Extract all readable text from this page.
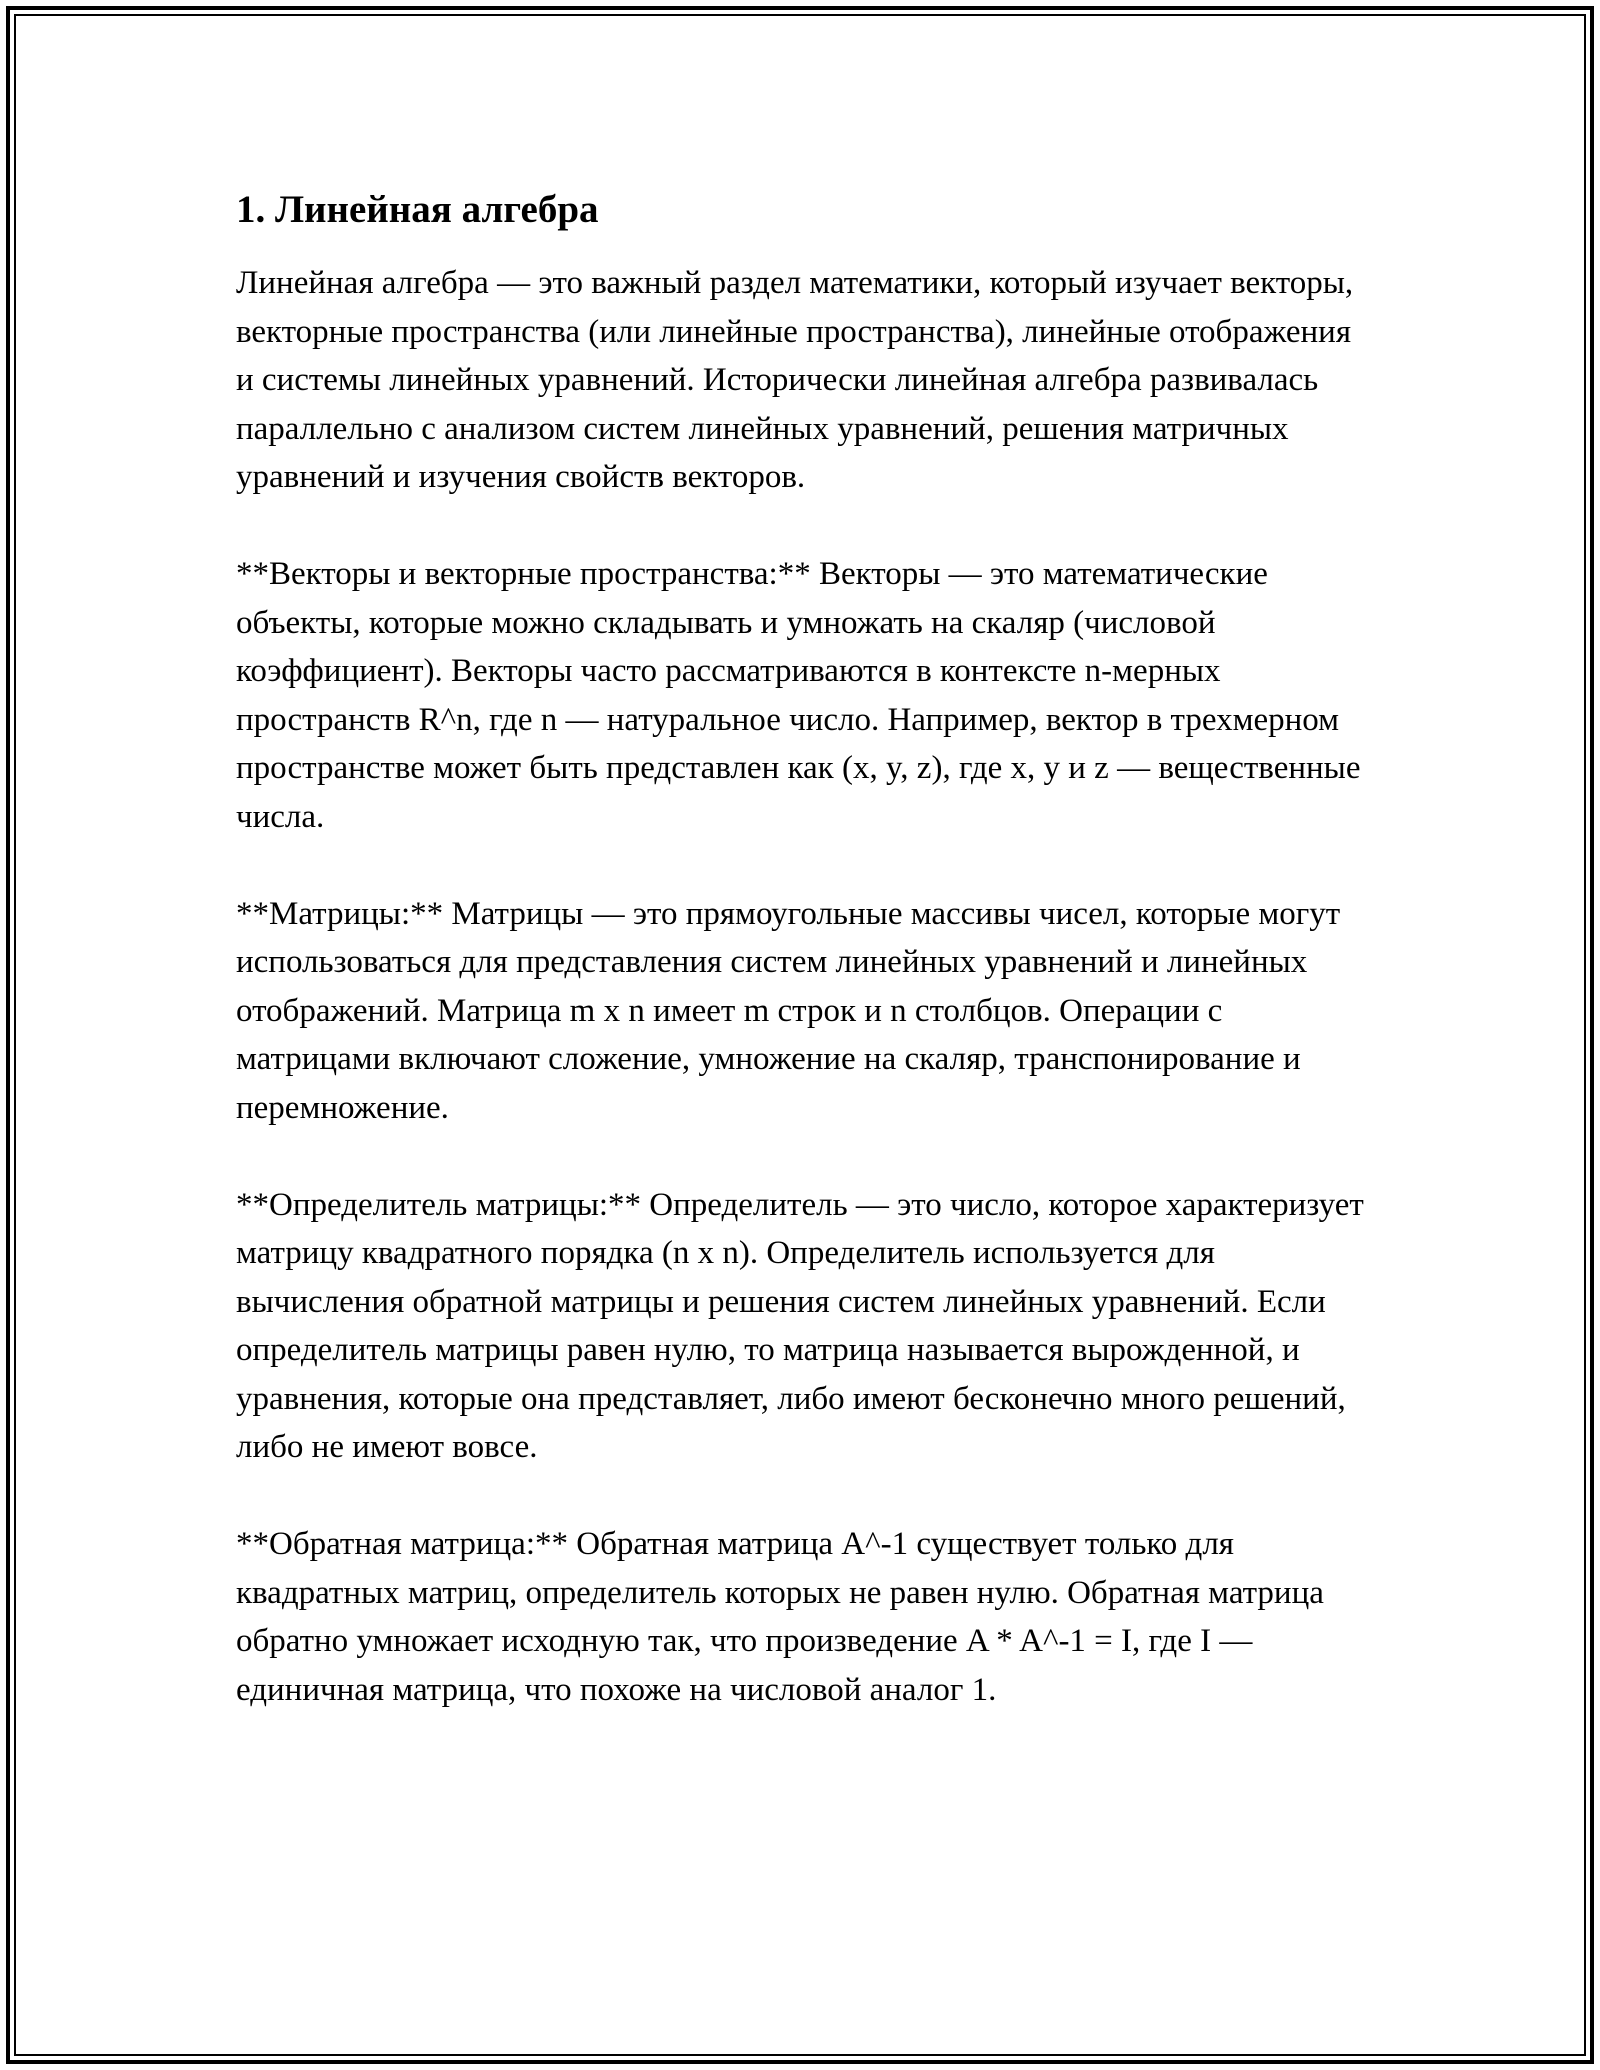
1. Линейная алгебра

Линейная алгебра — это важный раздел математики, который изучает векторы, векторные пространства (или линейные пространства), линейные отображения и системы линейных уравнений. Исторически линейная алгебра развивалась параллельно с анализом систем линейных уравнений, решения матричных уравнений и изучения свойств векторов.

**Векторы и векторные пространства:** Векторы — это математические объекты, которые можно складывать и умножать на скаляр (числовой коэффициент). Векторы часто рассматриваются в контексте n-мерных пространств R^n, где n — натуральное число. Например, вектор в трехмерном пространстве может быть представлен как (x, y, z), где x, y и z — вещественные числа.

**Матрицы:** Матрицы — это прямоугольные массивы чисел, которые могут использоваться для представления систем линейных уравнений и линейных отображений. Матрица m x n имеет m строк и n столбцов. Операции с матрицами включают сложение, умножение на скаляр, транспонирование и перемножение.

**Определитель матрицы:** Определитель — это число, которое характеризует матрицу квадратного порядка (n x n). Определитель используется для вычисления обратной матрицы и решения систем линейных уравнений. Если определитель матрицы равен нулю, то матрица называется вырожденной, и уравнения, которые она представляет, либо имеют бесконечно много решений, либо не имеют вовсе.

**Обратная матрица:** Обратная матрица A^-1 существует только для квадратных матриц, определитель которых не равен нулю. Обратная матрица обратно умножает исходную так, что произведение A * A^-1 = I, где I — единичная матрица, что похоже на числовой аналог 1.
